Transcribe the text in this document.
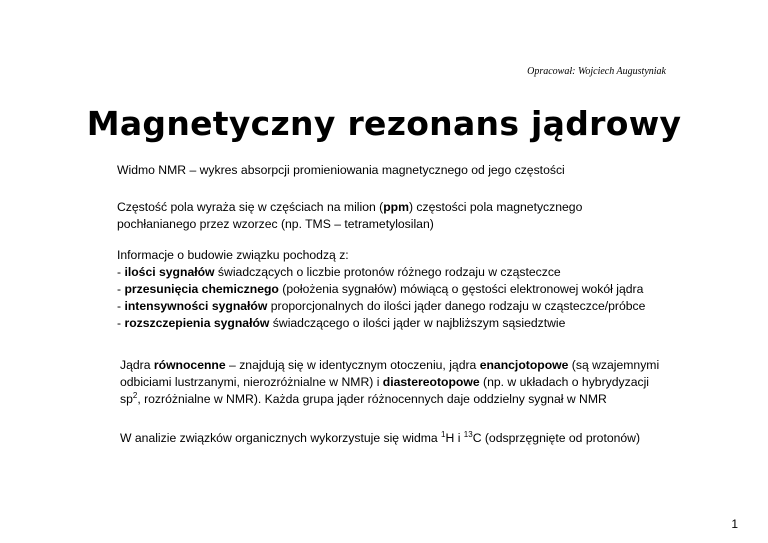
Opracował: Wojciech Augustyniak
Magnetyczny rezonans jądrowy
Widmo NMR – wykres absorpcji promieniowania magnetycznego od jego częstości
Częstość pola wyraża się w częściach na milion (ppm) częstości pola magnetycznego
pochłanianego przez wzorzec (np. TMS – tetrametylosilan)
Informacje o budowie związku pochodzą z:
- ilości sygnałów świadczących o liczbie protonów różnego rodzaju w cząsteczce
- przesunięcia chemicznego (położenia sygnałów) mówiącą o gęstości elektronowej wokół jądra
- intensywności sygnałów proporcjonalnych do ilości jąder danego rodzaju w cząsteczce/próbce
- rozszczepienia sygnałów świadczącego o ilości jąder w najbliższym sąsiedztwie
Jądra równocenne – znajdują się w identycznym otoczeniu, jądra enancjotopowe (są wzajemnymi
odbiciami lustrzanymi, nierozróżnialne w NMR) i diastereotopowe (np. w układach o hybrydyzacji
$sp^2$, rozróżnialne w NMR). Każda grupa jąder różnocennych daje oddzielny sygnał w NMR
W analizie związków organicznych wykorzystuje się widma $^1$H i $^{13}$C (odsprzęgnięte od protonów)
1
